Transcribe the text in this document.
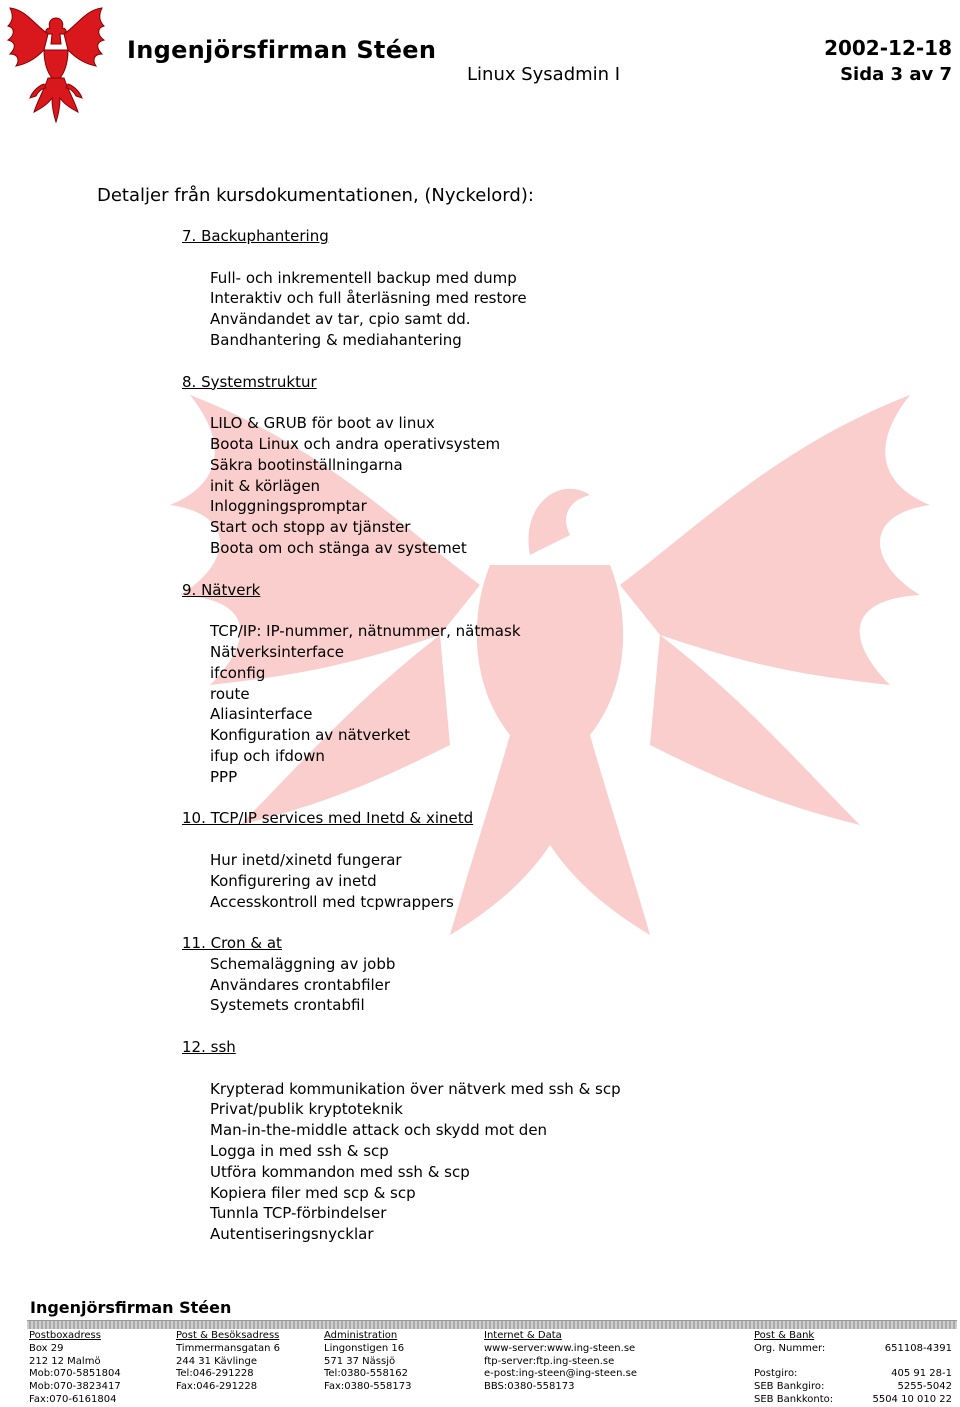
Ingenjörsfirman Stéen	2002-12-18
Linux Sysadmin I	Sida 3 av 7
Detaljer från kursdokumentationen, (Nyckelord):
7. Backuphantering
Full- och inkrementell backup med dump
Interaktiv och full återläsning med restore
Användandet av tar, cpio samt dd.
Bandhantering & mediahantering
8. Systemstruktur
LILO & GRUB för boot av linux
Boota Linux och andra operativsystem
Säkra bootinställningarna
init & körlägen
Inloggningspromptar
Start och stopp av tjänster
Boota om och stänga av systemet
9. Nätverk
TCP/IP: IP-nummer, nätnummer, nätmask
Nätverksinterface
ifconfig
route
Aliasinterface
Konfiguration av nätverket
ifup och ifdown
PPP
10. TCP/IP services med Inetd & xinetd
Hur inetd/xinetd fungerar
Konfigurering av inetd
Accesskontroll med tcpwrappers
11. Cron & at
Schemaläggning av jobb
Användares crontabfiler
Systemets crontabfil
12. ssh
Krypterad kommunikation över nätverk med ssh & scp
Privat/publik kryptoteknik
Man-in-the-middle attack och skydd mot den
Logga in med ssh & scp
Utföra kommandon med ssh & scp
Kopiera filer med scp & scp
Tunnla TCP-förbindelser
Autentiseringsnycklar
Ingenjörsfirman Stéen
Postboxadress
Box 29
212 12 Malmö
Mob:070-5851804
Mob:070-3823417
Fax:070-6161804
Post & Besöksadress
Timmermansgatan 6
244 31 Kävlinge
Tel:046-291228
Fax:046-291228
Administration
Lingonstigen 16
571 37 Nässjö
Tel:0380-558162
Fax:0380-558173
Internet & Data
www-server:www.ing-steen.se
ftp-server:ftp.ing-steen.se
e-post:ing-steen@ing-steen.se
BBS:0380-558173
Post & Bank
Org. Nummer:	651108-4391

Postgiro:	405 91 28-1
SEB Bankgiro:	5255-5042
SEB Bankkonto:	5504 10 010 22
